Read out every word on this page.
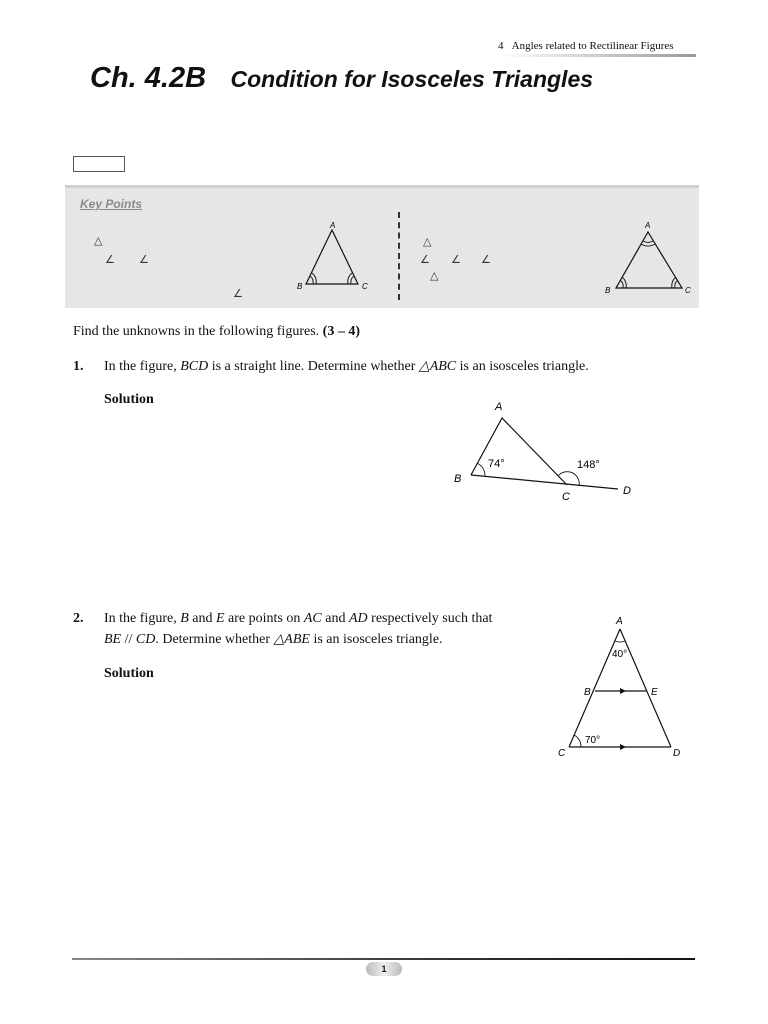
4 Angles related to Rectilinear Figures
Ch. 4.2B Condition for Isosceles Triangles
Key Points
△
∠ ∠
∠
△
∠ ∠ ∠
△
A
B	C
A
B	C
Find the unknowns in the following figures. (3 – 4)
1. In the figure, BCD is a straight line. Determine whether △ABC is an isosceles triangle.
Solution	A
B
C	D
74°	148°
2. In the figure, B and E are points on AC and AD respectively such that
BE // CD. Determine whether △ABE is an isosceles triangle.
Solution
A
B	E
C	D
40°
70°
1
